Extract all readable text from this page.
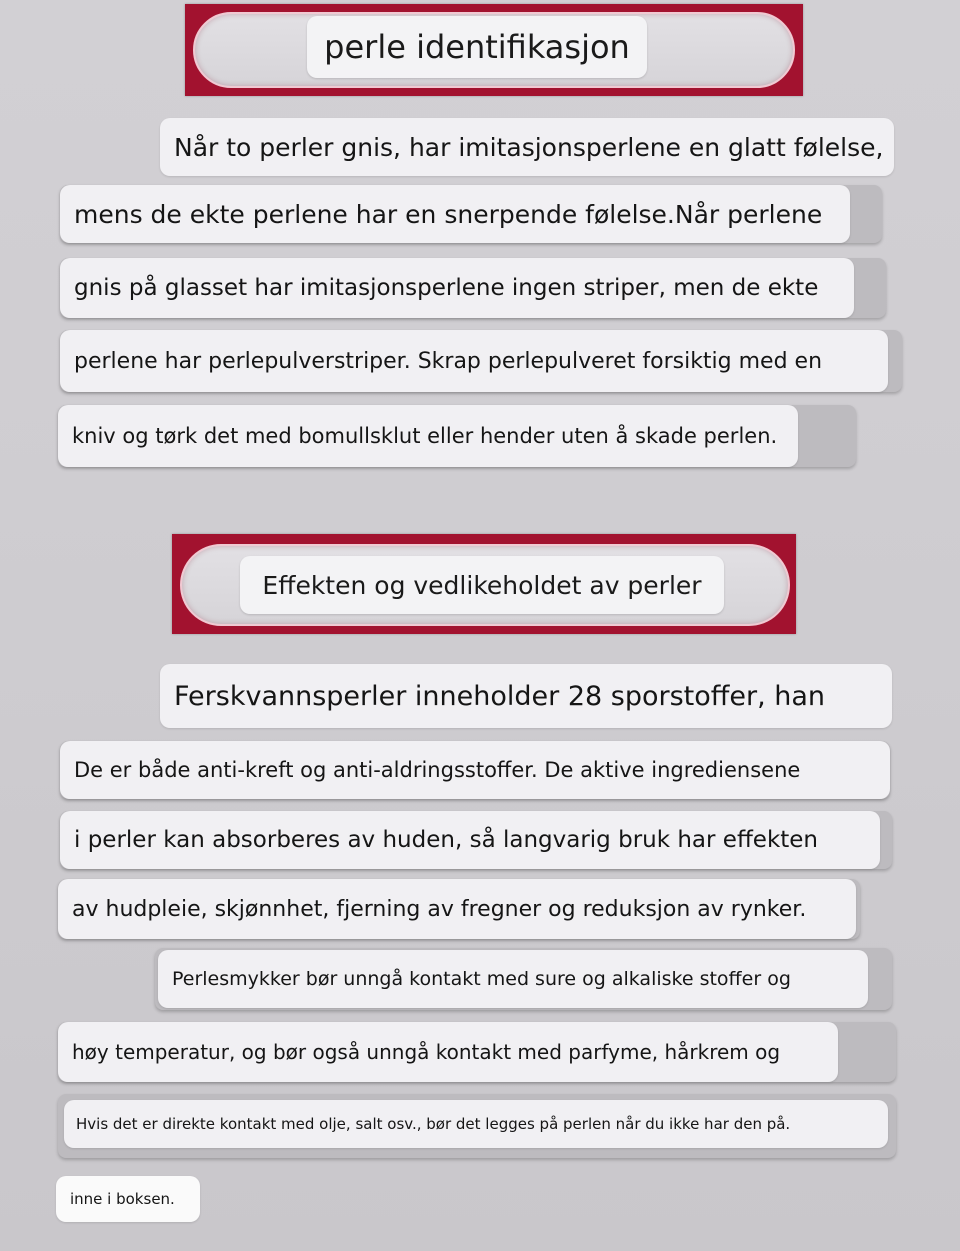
perle identifikasjon
Når to perler gnis, har imitasjonsperlene en glatt følelse,
mens de ekte perlene har en snerpende følelse.Når perlene
gnis på glasset har imitasjonsperlene ingen striper, men de ekte
perlene har perlepulverstriper. Skrap perlepulveret forsiktig med en
kniv og tørk det med bomullsklut eller hender uten å skade perlen.
Effekten og vedlikeholdet av perler
Ferskvannsperler inneholder 28 sporstoffer, han
De er både anti-kreft og anti-aldringsstoffer. De aktive ingrediensene
i perler kan absorberes av huden, så langvarig bruk har effekten
av hudpleie, skjønnhet, fjerning av fregner og reduksjon av rynker.
Perlesmykker bør unngå kontakt med sure og alkaliske stoffer og
høy temperatur, og bør også unngå kontakt med parfyme, hårkrem og
Hvis det er direkte kontakt med olje, salt osv., bør det legges på perlen når du ikke har den på.
inne i boksen.
